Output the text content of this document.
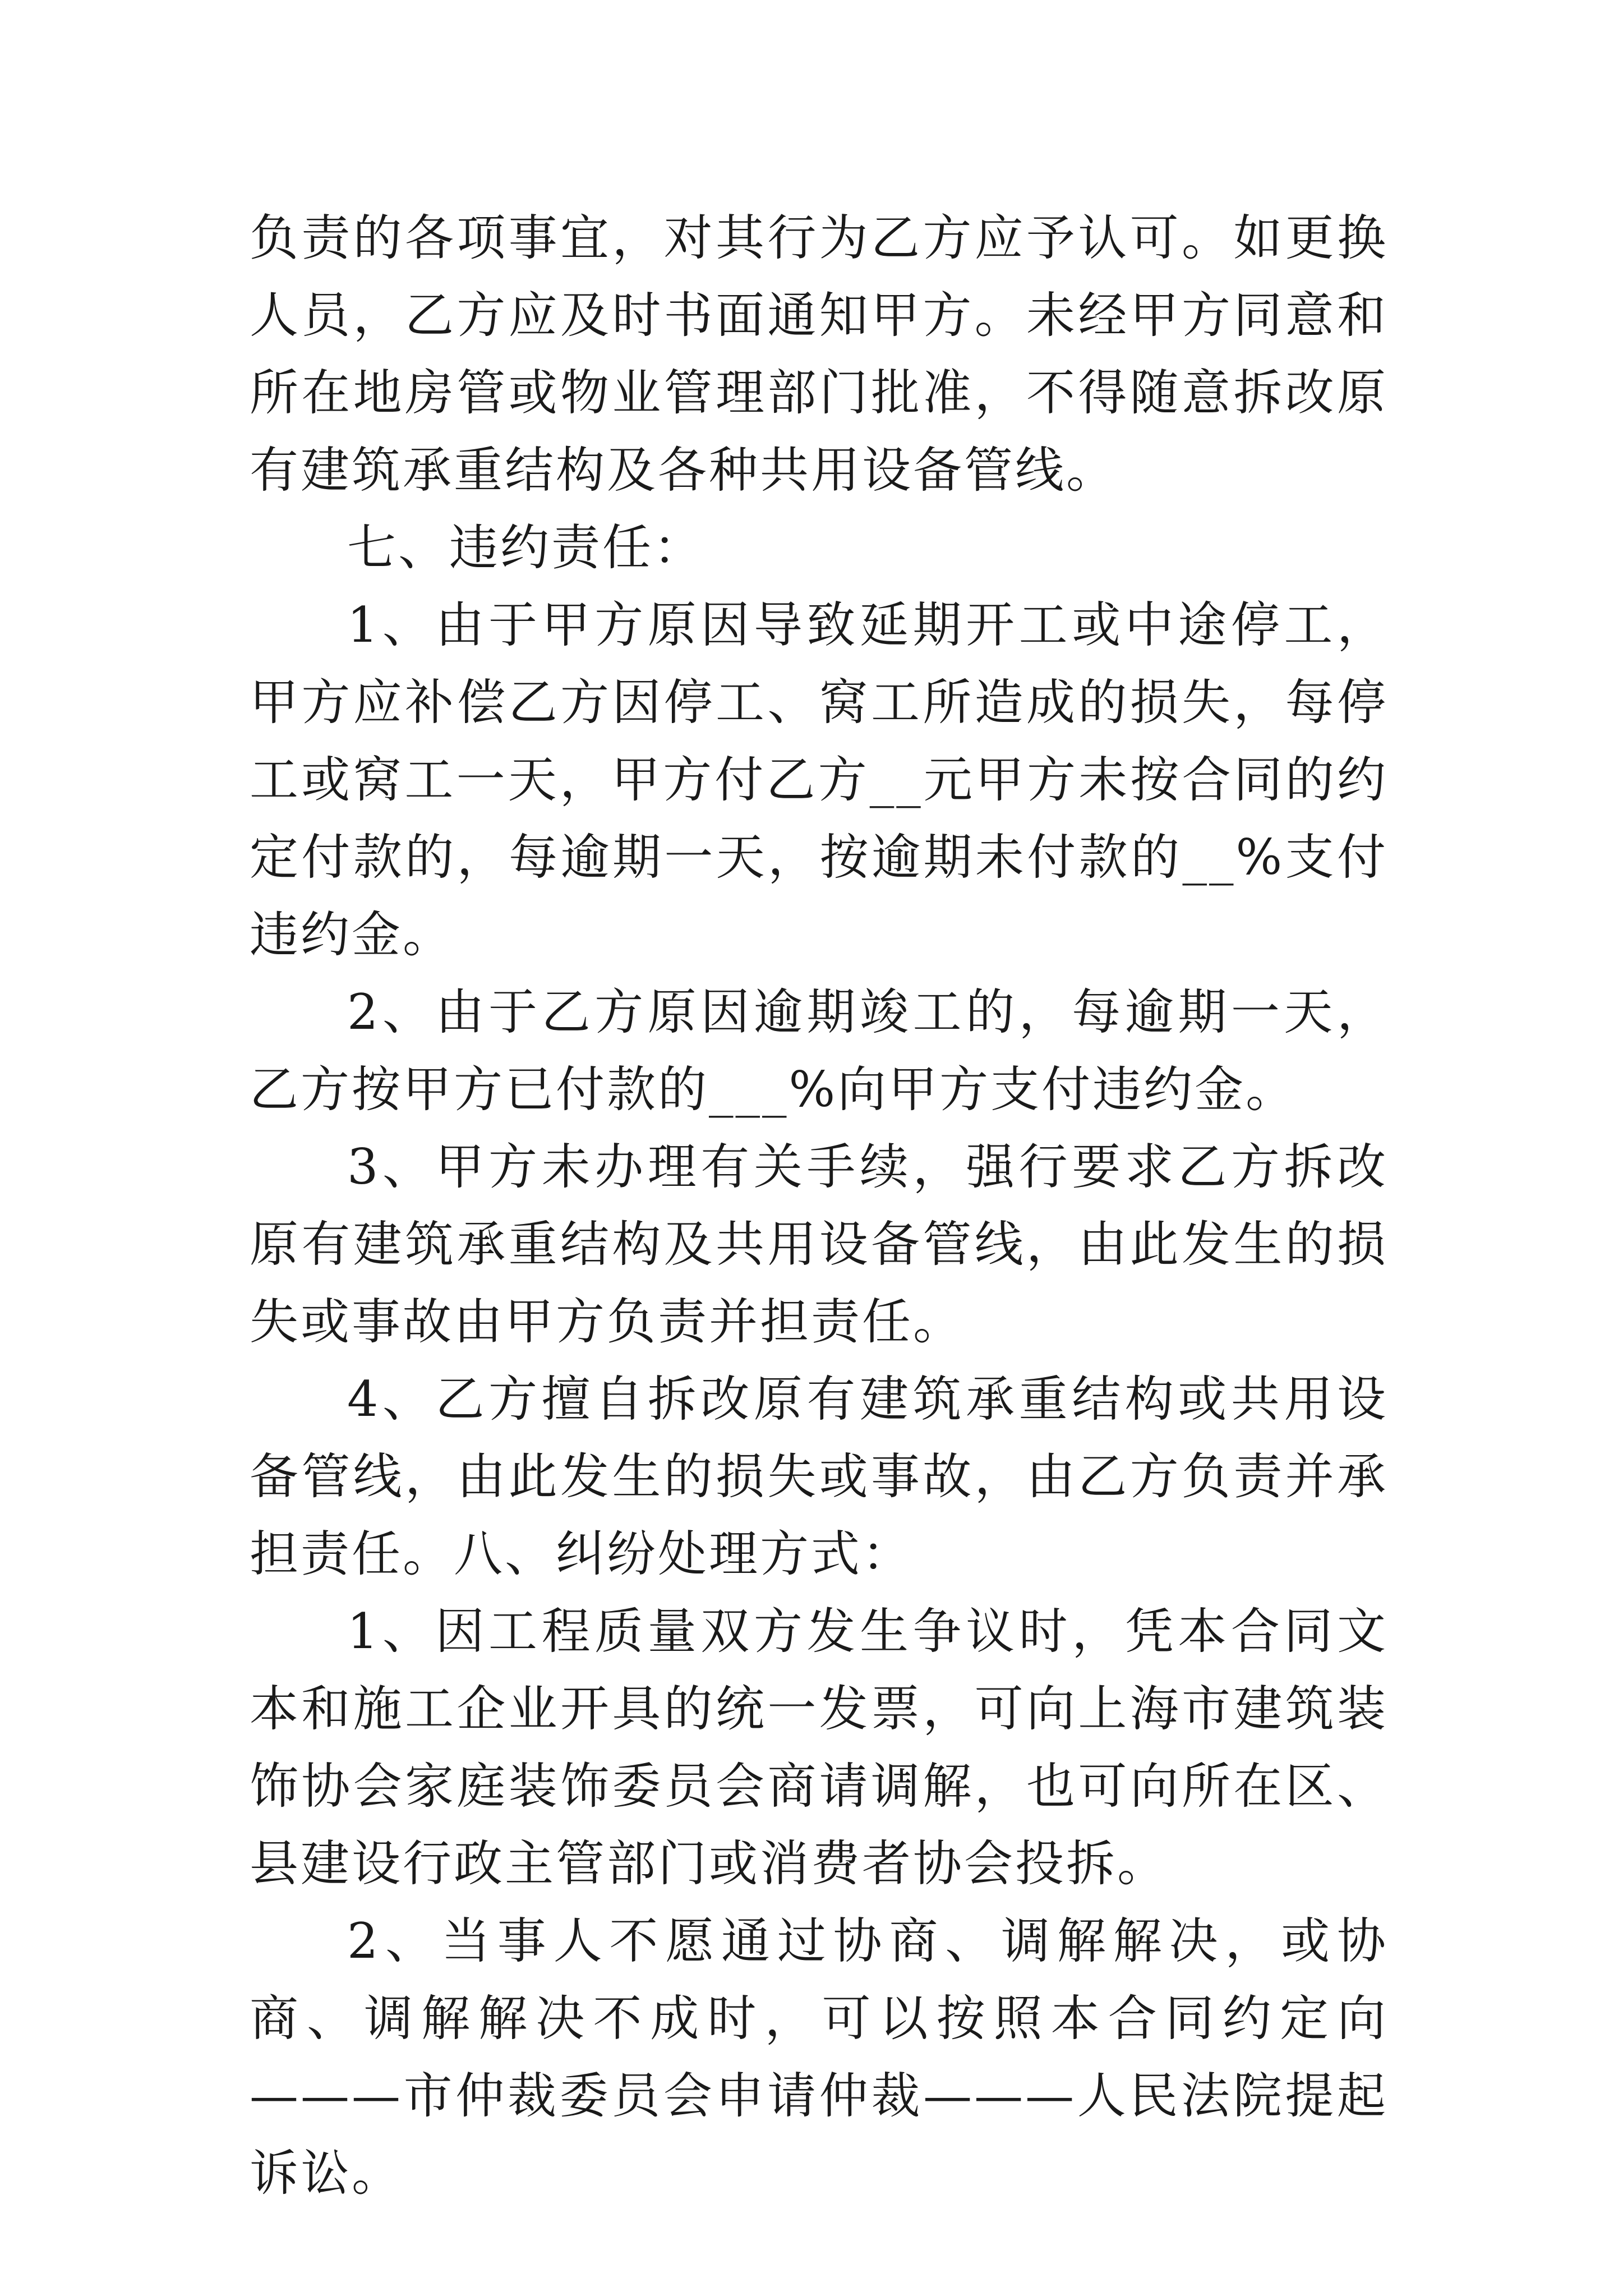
负责的各项事宜，对其行为乙方应予认可。如更换人员，乙方应及时书面通知甲方。未经甲方同意和所在地房管或物业管理部门批准，不得随意拆改原有建筑承重结构及各种共用设备管线。

七、违约责任：

1、由于甲方原因导致延期开工或中途停工，甲方应补偿乙方因停工、窝工所造成的损失，每停工或窝工一天，甲方付乙方__元甲方未按合同的约定付款的，每逾期一天，按逾期未付款的__%支付违约金。

2、由于乙方原因逾期竣工的，每逾期一天，乙方按甲方已付款的___%向甲方支付违约金。

3、甲方未办理有关手续，强行要求乙方拆改原有建筑承重结构及共用设备管线，由此发生的损失或事故由甲方负责并担责任。

4、乙方擅自拆改原有建筑承重结构或共用设备管线，由此发生的损失或事故，由乙方负责并承担责任。八、纠纷处理方式：

1、因工程质量双方发生争议时，凭本合同文本和施工企业开具的统一发票，可向上海市建筑装饰协会家庭装饰委员会商请调解，也可向所在区、县建设行政主管部门或消费者协会投拆。

2、当事人不愿通过协商、调解解决，或协商、调解解决不成时，可以按照本合同约定向———市仲裁委员会申请仲裁———人民法院提起诉讼。
